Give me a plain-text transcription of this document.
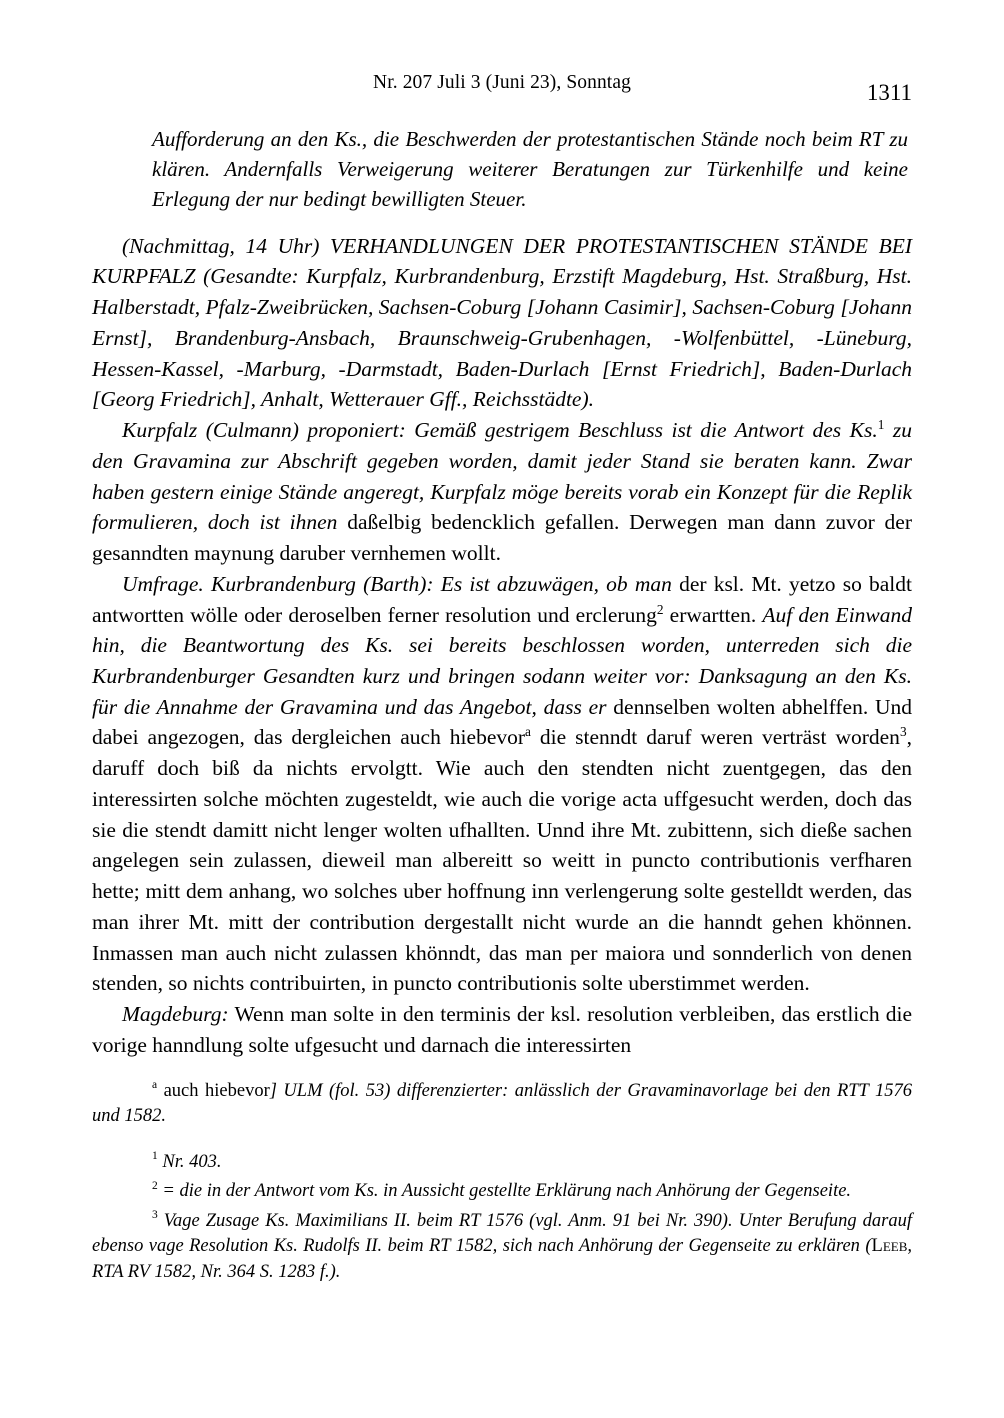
Nr. 207 Juli 3 (Juni 23), Sonntag	1311

Aufforderung an den Ks., die Beschwerden der protestantischen Stände noch beim RT zu klären. Andernfalls Verweigerung weiterer Beratungen zur Türkenhilfe und keine Erlegung der nur bedingt bewilligten Steuer.

(Nachmittag, 14 Uhr) VERHANDLUNGEN DER PROTESTANTISCHEN STÄNDE BEI KURPFALZ (Gesandte: Kurpfalz, Kurbrandenburg, Erzstift Magdeburg, Hst. Straßburg, Hst. Halberstadt, Pfalz-Zweibrücken, Sachsen-Coburg [Johann Casimir], Sachsen-Coburg [Johann Ernst], Brandenburg-Ansbach, Braunschweig-Grubenhagen, -Wolfenbüttel, -Lüneburg, Hessen-Kassel, -Marburg, -Darmstadt, Baden-Durlach [Ernst Friedrich], Baden-Durlach [Georg Friedrich], Anhalt, Wetterauer Gff., Reichsstädte).

Kurpfalz (Culmann) proponiert: Gemäß gestrigem Beschluss ist die Antwort des Ks.$^1$ zu den Gravamina zur Abschrift gegeben worden, damit jeder Stand sie beraten kann. Zwar haben gestern einige Stände angeregt, Kurpfalz möge bereits vorab ein Konzept für die Replik formulieren, doch ist ihnen daßelbig bedencklich gefallen. Derwegen man dann zuvor der gesanndten maynung daruber vernhemen wollt.

Umfrage. Kurbrandenburg (Barth): Es ist abzuwägen, ob man der ksl. Mt. yetzo so baldt antwortten wölle oder deroselben ferner resolution und erclerung$^2$ erwartten. Auf den Einwand hin, die Beantwortung des Ks. sei bereits beschlossen worden, unterreden sich die Kurbrandenburger Gesandten kurz und bringen sodann weiter vor: Danksagung an den Ks. für die Annahme der Gravamina und das Angebot, dass er dennselben wolten abhelffen. Und dabei angezogen, das dergleichen auch hiebevor$^a$ die stenndt daruf weren verträst worden$^3$, daruff doch biß da nichts ervolgtt. Wie auch den stendten nicht zuentgegen, das den interessirten solche möchten zugesteldt, wie auch die vorige acta uffgesucht werden, doch das sie die stendt damitt nicht lenger wolten ufhallten. Unnd ihre Mt. zubittenn, sich dieße sachen angelegen sein zulassen, dieweil man albereitt so weitt in puncto contributionis verfharen hette; mitt dem anhang, wo solches uber hoffnung inn verlengerung solte gestelldt werden, das man ihrer Mt. mitt der contribution dergestallt nicht wurde an die hanndt gehen khönnen. Inmassen man auch nicht zulassen khönndt, das man per maiora und sonnderlich von denen stenden, so nichts contribuirten, in puncto contributionis solte uberstimmet werden.

Magdeburg: Wenn man solte in den terminis der ksl. resolution verbleiben, das erstlich die vorige hanndlung solte ufgesucht und darnach die interessirten

$^a$ auch hiebevor] ULM (fol. 53) differenzierter: anlässlich der Gravaminavorlage bei den RTT 1576 und 1582.
$^1$ Nr. 403.
$^2$ = die in der Antwort vom Ks. in Aussicht gestellte Erklärung nach Anhörung der Gegenseite.
$^3$ Vage Zusage Ks. Maximilians II. beim RT 1576 (vgl. Anm. 91 bei Nr. 390). Unter Berufung darauf ebenso vage Resolution Ks. Rudolfs II. beim RT 1582, sich nach Anhörung der Gegenseite zu erklären (Leeb, RTA RV 1582, Nr. 364 S. 1283 f.).
